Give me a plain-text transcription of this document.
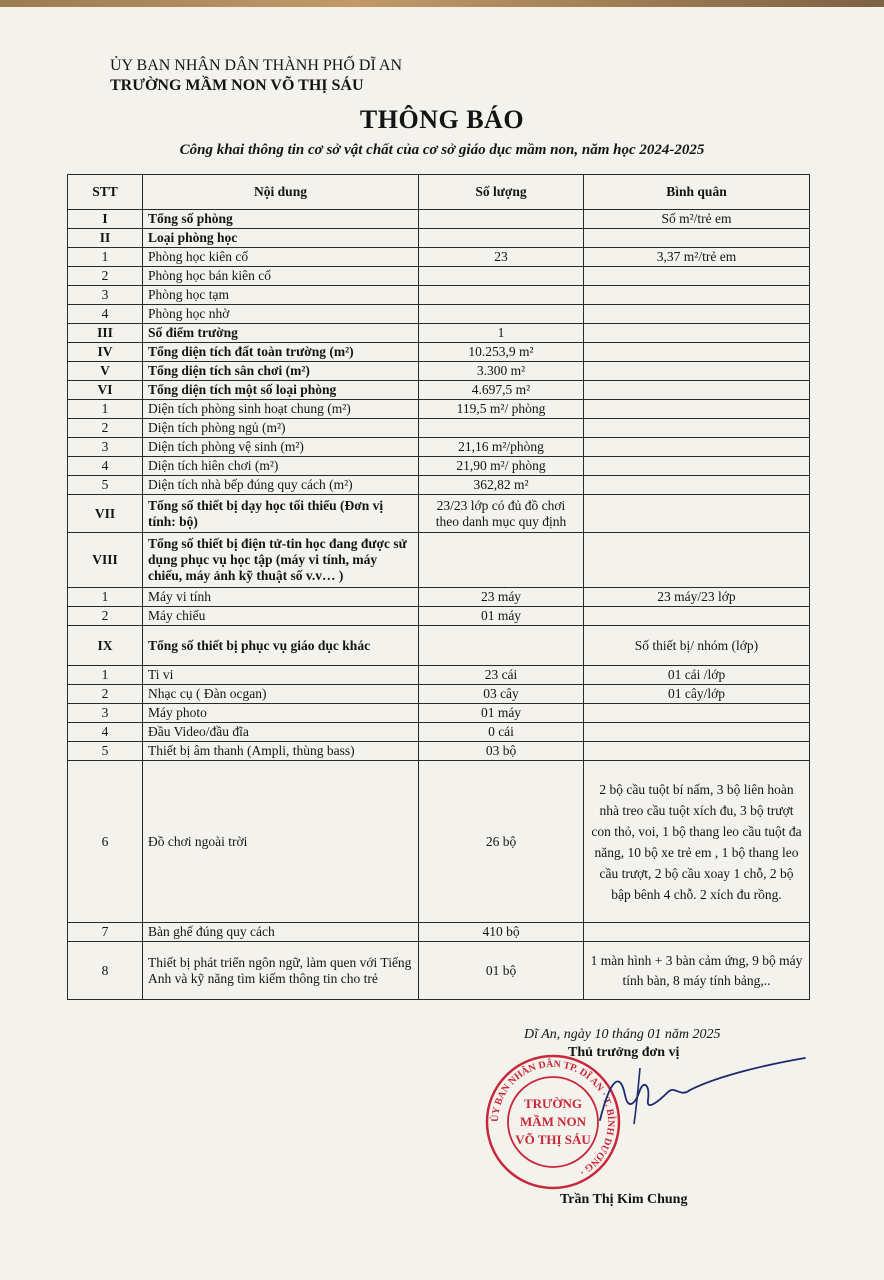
ỦY BAN NHÂN DÂN THÀNH PHỐ DĨ AN
TRƯỜNG MẦM NON VÕ THỊ SÁU
THÔNG BÁO
Công khai thông tin cơ sở vật chất của cơ sở giáo dục mầm non, năm học 2024-2025
STT	Nội dung	Số lượng	Bình quân
I	Tổng số phòng		Số m²/trẻ em
II	Loại phòng học		
1	Phòng học kiên cố	23	3,37 m²/trẻ em
2	Phòng học bán kiên cố		
3	Phòng học tạm		
4	Phòng học nhờ		
III	Số điểm trường	1	
IV	Tổng diện tích đất toàn trường (m²)	10.253,9 m²	
V	Tổng diện tích sân chơi (m²)	3.300 m²	
VI	Tổng diện tích một số loại phòng	4.697,5 m²	
1	Diện tích phòng sinh hoạt chung (m²)	119,5 m²/ phòng	
2	Diện tích phòng ngủ (m²)		
3	Diện tích phòng vệ sinh (m²)	21,16 m²/phòng	
4	Diện tích hiên chơi (m²)	21,90 m²/ phòng	
5	Diện tích nhà bếp đúng quy cách (m²)	362,82 m²	
VII	Tổng số thiết bị dạy học tối thiểu (Đơn vị tính: bộ)	23/23 lớp có đủ đồ chơi theo danh mục quy định	
VIII	Tổng số thiết bị điện tử-tin học đang được sử dụng phục vụ học tập (máy vi tính, máy chiếu, máy ảnh kỹ thuật số v.v… )		
1	Máy vi tính	23 máy	23 máy/23 lớp
2	Máy chiếu	01 máy	
IX	Tổng số thiết bị phục vụ giáo dục khác		Số thiết bị/ nhóm (lớp)
1	Ti vi	23 cái	01 cái /lớp
2	Nhạc cụ ( Đàn ocgan)	03 cây	01 cây/lớp
3	Máy photo	01 máy	
4	Đầu Video/đầu đĩa	0 cái	
5	Thiết bị âm thanh (Ampli, thùng bass)	03 bộ	
6	Đồ chơi ngoài trời	26 bộ	2 bộ cầu tuột bí nấm, 3 bộ liên hoàn nhà treo cầu tuột xích đu, 3 bộ trượt con thỏ, voi, 1 bộ thang leo cầu tuột đa năng, 10 bộ xe trẻ em , 1 bộ thang leo cầu trượt, 2 bộ cầu xoay 1 chỗ, 2 bộ bập bênh 4 chỗ. 2 xích đu rồng.
7	Bàn ghế đúng quy cách	410 bộ	
8	Thiết bị phát triển ngôn ngữ, làm quen với Tiếng Anh và kỹ năng tìm kiếm thông tin cho trẻ	01 bộ	1 màn hình + 3 bàn cảm ứng, 9 bộ máy tính bàn, 8 máy tính bảng,..
Dĩ An, ngày 10 tháng 01 năm 2025
Thủ trưởng đơn vị
ỦY BAN NHÂN DÂN TP. DĨ AN · T. BÌNH DƯƠNG ·
TRƯỜNG
MẦM NON
VÕ THỊ SÁU
Trần Thị Kim Chung
